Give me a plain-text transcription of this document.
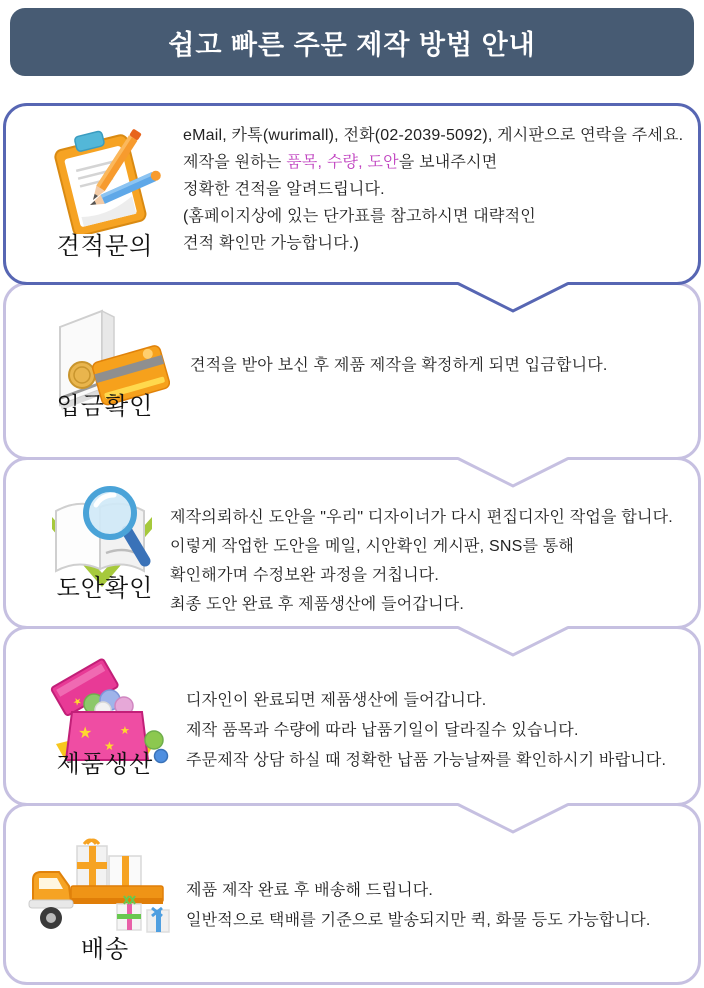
쉽고 빠른 주문 제작 방법 안내
★
★
★
★
견적문의
입금확인
도안확인
제품생산
배송

eMail, 카톡(wurimall), 전화(02-2039-5092), 게시판으로 연락을 주세요.

제작을 원하는 품목, 수량, 도안을 보내주시면

정확한 견적을 알려드립니다.

(홈페이지상에 있는 단가표를 참고하시면 대략적인

견적 확인만 가능합니다.)

견적을 받아 보신 후 제품 제작을 확정하게 되면 입금합니다.

제작의뢰하신 도안을 "우리" 디자이너가 다시 편집디자인 작업을 합니다.

이렇게 작업한 도안을 메일, 시안확인 게시판, SNS를 통해

확인해가며 수정보완 과정을 거칩니다.

최종 도안 완료 후 제품생산에 들어갑니다.

디자인이 완료되면 제품생산에 들어갑니다.

제작 품목과 수량에 따라 납품기일이 달라질수 있습니다.

주문제작 상담 하실 때 정확한 납품 가능날짜를 확인하시기 바랍니다.

제품 제작 완료 후 배송해 드립니다.

일반적으로 택배를 기준으로 발송되지만 퀵, 화물 등도 가능합니다.
